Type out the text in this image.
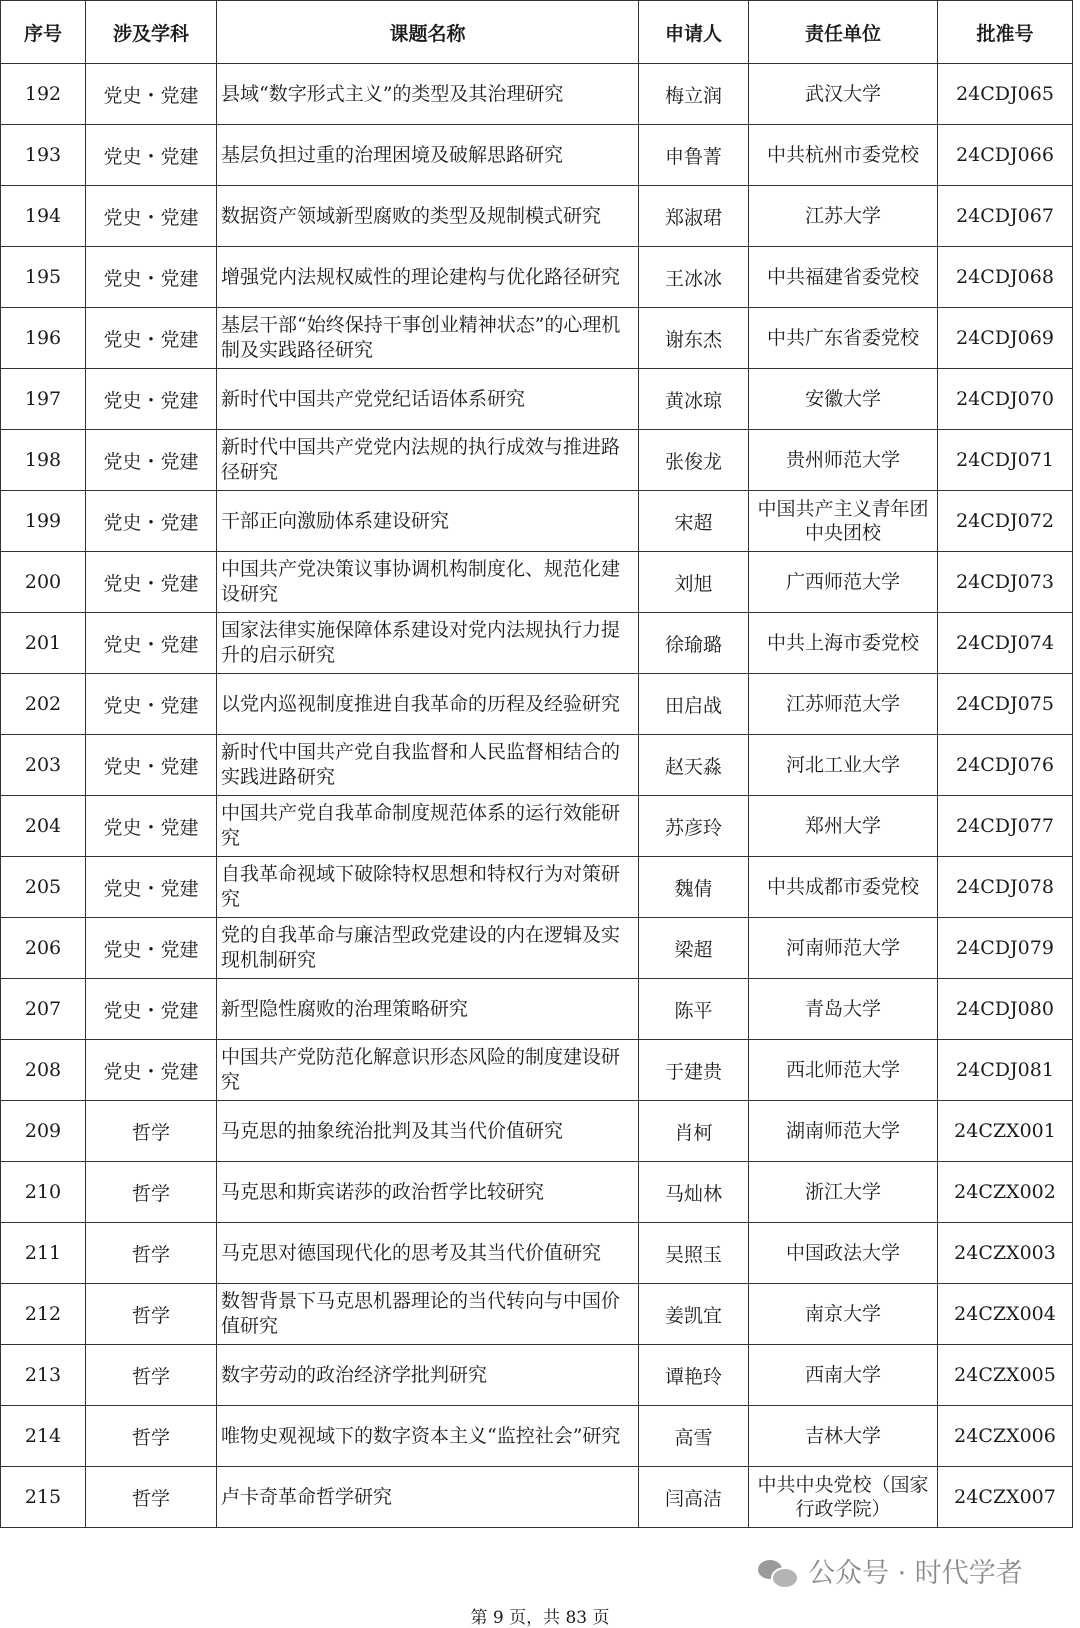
序号	涉及学科	课题名称	申请人	责任单位	批准号
192	党史・党建	县域“数字形式主义”的类型及其治理研究	梅立润	武汉大学	24CDJ065
193	党史・党建	基层负担过重的治理困境及破解思路研究	申鲁菁	中共杭州市委党校	24CDJ066
194	党史・党建	数据资产领域新型腐败的类型及规制模式研究	郑淑珺	江苏大学	24CDJ067
195	党史・党建	增强党内法规权威性的理论建构与优化路径研究	王冰冰	中共福建省委党校	24CDJ068
196	党史・党建	基层干部“始终保持干事创业精神状态”的心理机制及实践路径研究	谢东杰	中共广东省委党校	24CDJ069
197	党史・党建	新时代中国共产党党纪话语体系研究	黄冰琼	安徽大学	24CDJ070
198	党史・党建	新时代中国共产党党内法规的执行成效与推进路径研究	张俊龙	贵州师范大学	24CDJ071
199	党史・党建	干部正向激励体系建设研究	宋超	中国共产主义青年团中央团校	24CDJ072
200	党史・党建	中国共产党决策议事协调机构制度化、规范化建设研究	刘旭	广西师范大学	24CDJ073
201	党史・党建	国家法律实施保障体系建设对党内法规执行力提升的启示研究	徐瑜璐	中共上海市委党校	24CDJ074
202	党史・党建	以党内巡视制度推进自我革命的历程及经验研究	田启战	江苏师范大学	24CDJ075
203	党史・党建	新时代中国共产党自我监督和人民监督相结合的实践进路研究	赵天淼	河北工业大学	24CDJ076
204	党史・党建	中国共产党自我革命制度规范体系的运行效能研究	苏彦玲	郑州大学	24CDJ077
205	党史・党建	自我革命视域下破除特权思想和特权行为对策研究	魏倩	中共成都市委党校	24CDJ078
206	党史・党建	党的自我革命与廉洁型政党建设的内在逻辑及实现机制研究	梁超	河南师范大学	24CDJ079
207	党史・党建	新型隐性腐败的治理策略研究	陈平	青岛大学	24CDJ080
208	党史・党建	中国共产党防范化解意识形态风险的制度建设研究	于建贵	西北师范大学	24CDJ081
209	哲学	马克思的抽象统治批判及其当代价值研究	肖柯	湖南师范大学	24CZX001
210	哲学	马克思和斯宾诺莎的政治哲学比较研究	马灿林	浙江大学	24CZX002
211	哲学	马克思对德国现代化的思考及其当代价值研究	吴照玉	中国政法大学	24CZX003
212	哲学	数智背景下马克思机器理论的当代转向与中国价值研究	姜凯宜	南京大学	24CZX004
213	哲学	数字劳动的政治经济学批判研究	谭艳玲	西南大学	24CZX005
214	哲学	唯物史观视域下的数字资本主义“监控社会”研究	高雪	吉林大学	24CZX006
215	哲学	卢卡奇革命哲学研究	闫高洁	中共中央党校（国家行政学院）	24CZX007
公众号 · 时代学者
第 9 页，共 83 页
